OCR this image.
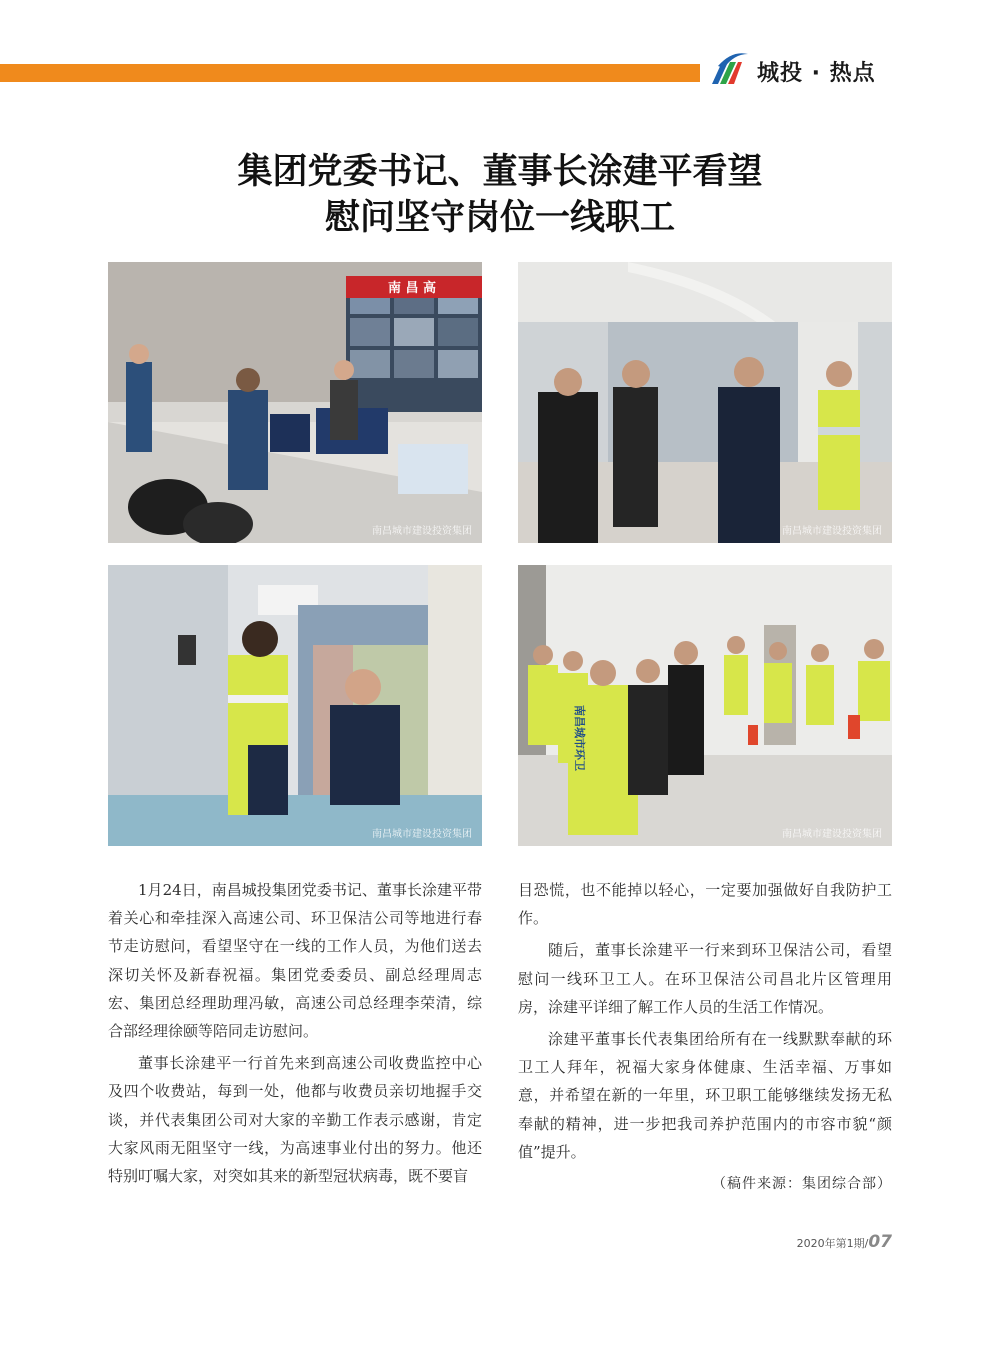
城投 · 热点
集团党委书记、董事长涂建平看望
慰问坚守岗位一线职工
南 昌 高
南昌城市建设投资集团	南昌城市建设投资集团
南昌城市建设投资集团
南昌城市环卫
南昌城市建设投资集团

1月24日，南昌城投集团党委书记、董事长涂建平带着关心和牵挂深入高速公司、环卫保洁公司等地进行春节走访慰问，看望坚守在一线的工作人员，为他们送去深切关怀及新春祝福。集团党委委员、副总经理周志宏、集团总经理助理冯敏，高速公司总经理李荣清，综合部经理徐颐等陪同走访慰问。

董事长涂建平一行首先来到高速公司收费监控中心及四个收费站，每到一处，他都与收费员亲切地握手交谈，并代表集团公司对大家的辛勤工作表示感谢，肯定大家风雨无阻坚守一线，为高速事业付出的努力。他还特别叮嘱大家，对突如其来的新型冠状病毒，既不要盲

目恐慌，也不能掉以轻心，一定要加强做好自我防护工作。

随后，董事长涂建平一行来到环卫保洁公司，看望慰问一线环卫工人。在环卫保洁公司昌北片区管理用房，涂建平详细了解工作人员的生活工作情况。

涂建平董事长代表集团给所有在一线默默奉献的环卫工人拜年，祝福大家身体健康、生活幸福、万事如意，并希望在新的一年里，环卫职工能够继续发扬无私奉献的精神，进一步把我司养护范围内的市容市貌“颜值”提升。

（稿件来源：集团综合部）
2020年第1期/07
